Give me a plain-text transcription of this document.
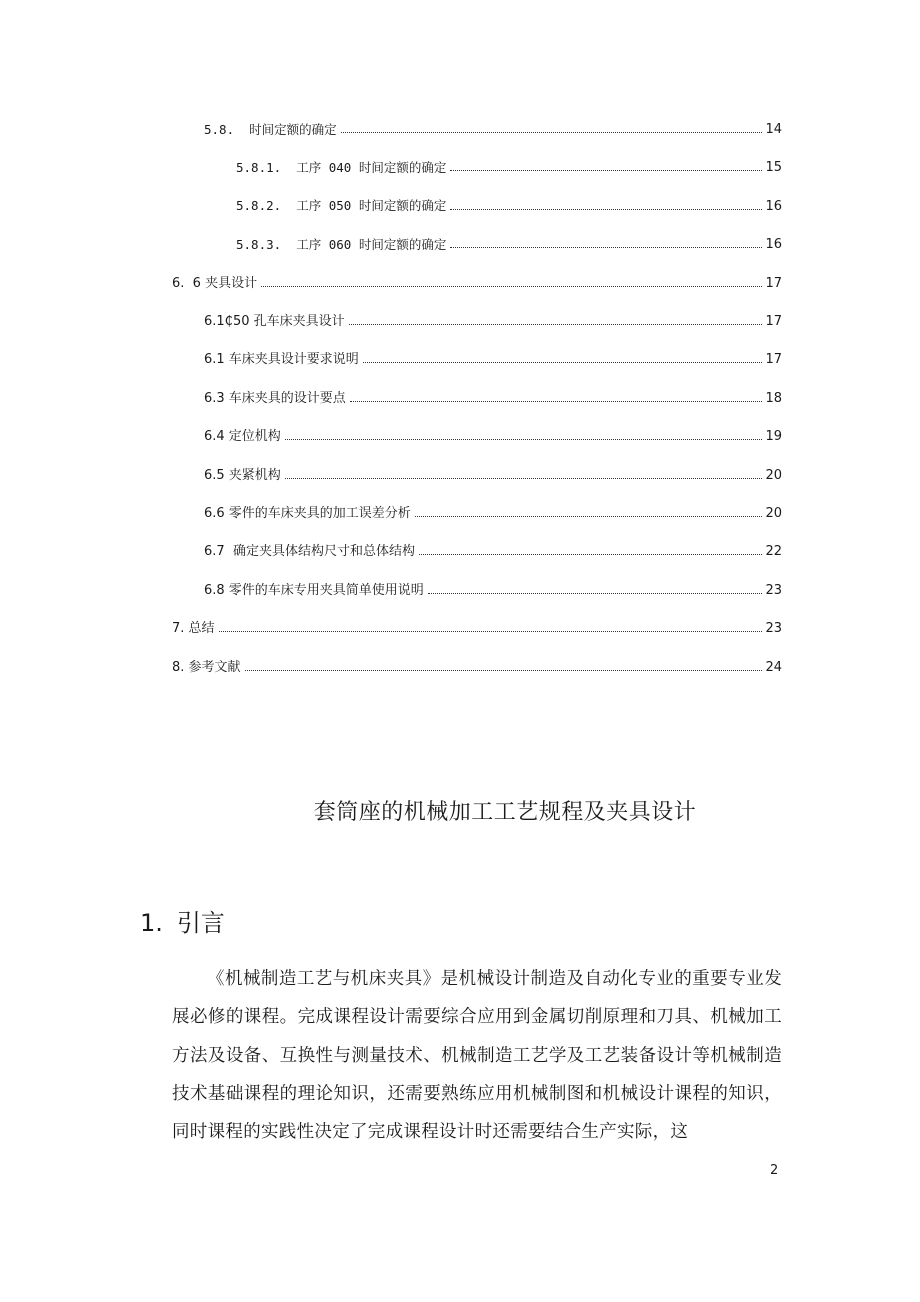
5.8.  时间定额的确定	14
5.8.1.  工序 040 时间定额的确定	15
5.8.2.  工序 050 时间定额的确定	16
5.8.3.  工序 060 时间定额的确定	16
6.  6 夹具设计	17
6.1₵50 孔车床夹具设计	17
6.1 车床夹具设计要求说明	17
6.3 车床夹具的设计要点	18
6.4 定位机构	19
6.5 夹紧机构	20
6.6 零件的车床夹具的加工误差分析	20
6.7  确定夹具体结构尺寸和总体结构	22
6.8 零件的车床专用夹具简单使用说明	23
7. 总结	23
8. 参考文献	24
套筒座的机械加工工艺规程及夹具设计
1. 引言
《机械制造工艺与机床夹具》是机械设计制造及自动化专业的重要专业发展必修的课程。完成课程设计需要综合应用到金属切削原理和刀具、机械加工方法及设备、互换性与测量技术、机械制造工艺学及工艺装备设计等机械制造技术基础课程的理论知识，还需要熟练应用机械制图和机械设计课程的知识，同时课程的实践性决定了完成课程设计时还需要结合生产实际，这
2
